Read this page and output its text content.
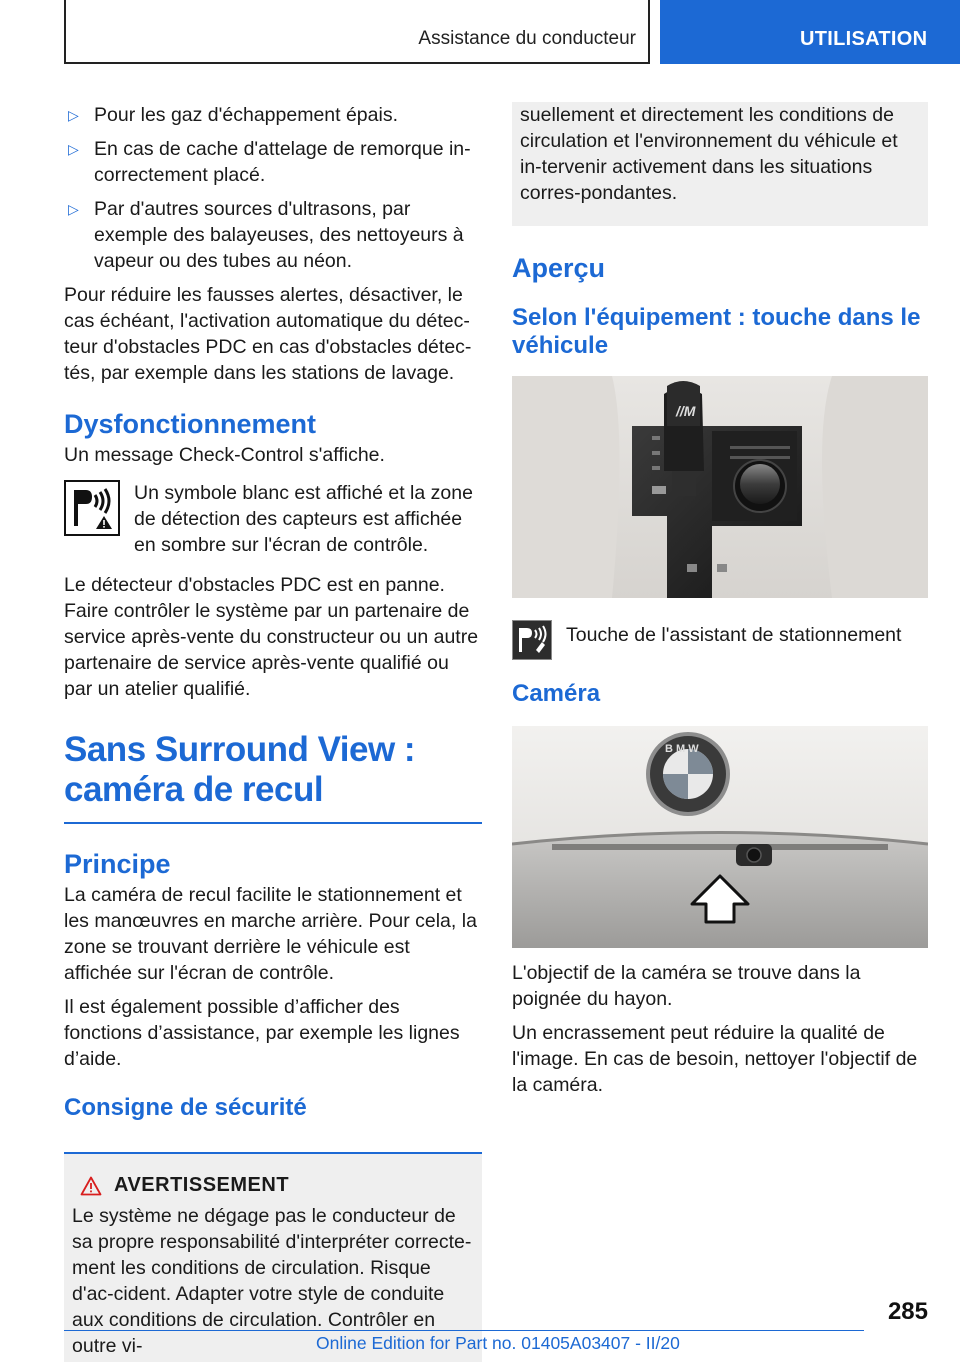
Assistance du conducteur	UTILISATION
▷ Pour les gaz d'échappement épais.
▷ En cas de cache d'attelage de remorque in-correctement placé.
▷ Par d'autres sources d'ultrasons, par exemple des balayeuses, des nettoyeurs à vapeur ou des tubes au néon.

Pour réduire les fausses alertes, désactiver, le cas échéant, l'activation automatique du détec-teur d'obstacles PDC en cas d'obstacles détec-tés, par exemple dans les stations de lavage.

Dysfonctionnement

Un message Check-Control s'affiche.

Un symbole blanc est affiché et la zone de détection des capteurs est affichée en sombre sur l'écran de contrôle.

Le détecteur d'obstacles PDC est en panne. Faire contrôler le système par un partenaire de service après-vente du constructeur ou un autre partenaire de service après-vente qualifié ou par un atelier qualifié.

Sans Surround View : caméra de recul
Principe

La caméra de recul facilite le stationnement et les manœuvres en marche arrière. Pour cela, la zone se trouvant derrière le véhicule est affichée sur l'écran de contrôle.

Il est également possible d’afficher des fonctions d’assistance, par exemple les lignes d’aide.

Consigne de sécurité
AVERTISSEMENT

Le système ne dégage pas le conducteur de sa propre responsabilité d'interpréter correcte-ment les conditions de circulation. Risque d'ac-cident. Adapter votre style de conduite aux conditions de circulation. Contrôler en outre vi-

suellement et directement les conditions de circulation et l'environnement du véhicule et in-tervenir activement dans les situations corres-pondantes.

Aperçu
Selon l'équipement : touche dans le véhicule
//M

Touche de l'assistant de stationnement

Caméra
B M W

L'objectif de la caméra se trouve dans la poignée du hayon.

Un encrassement peut réduire la qualité de l'image. En cas de besoin, nettoyer l'objectif de la caméra.

285
Online Edition for Part no. 01405A03407 - II/20
